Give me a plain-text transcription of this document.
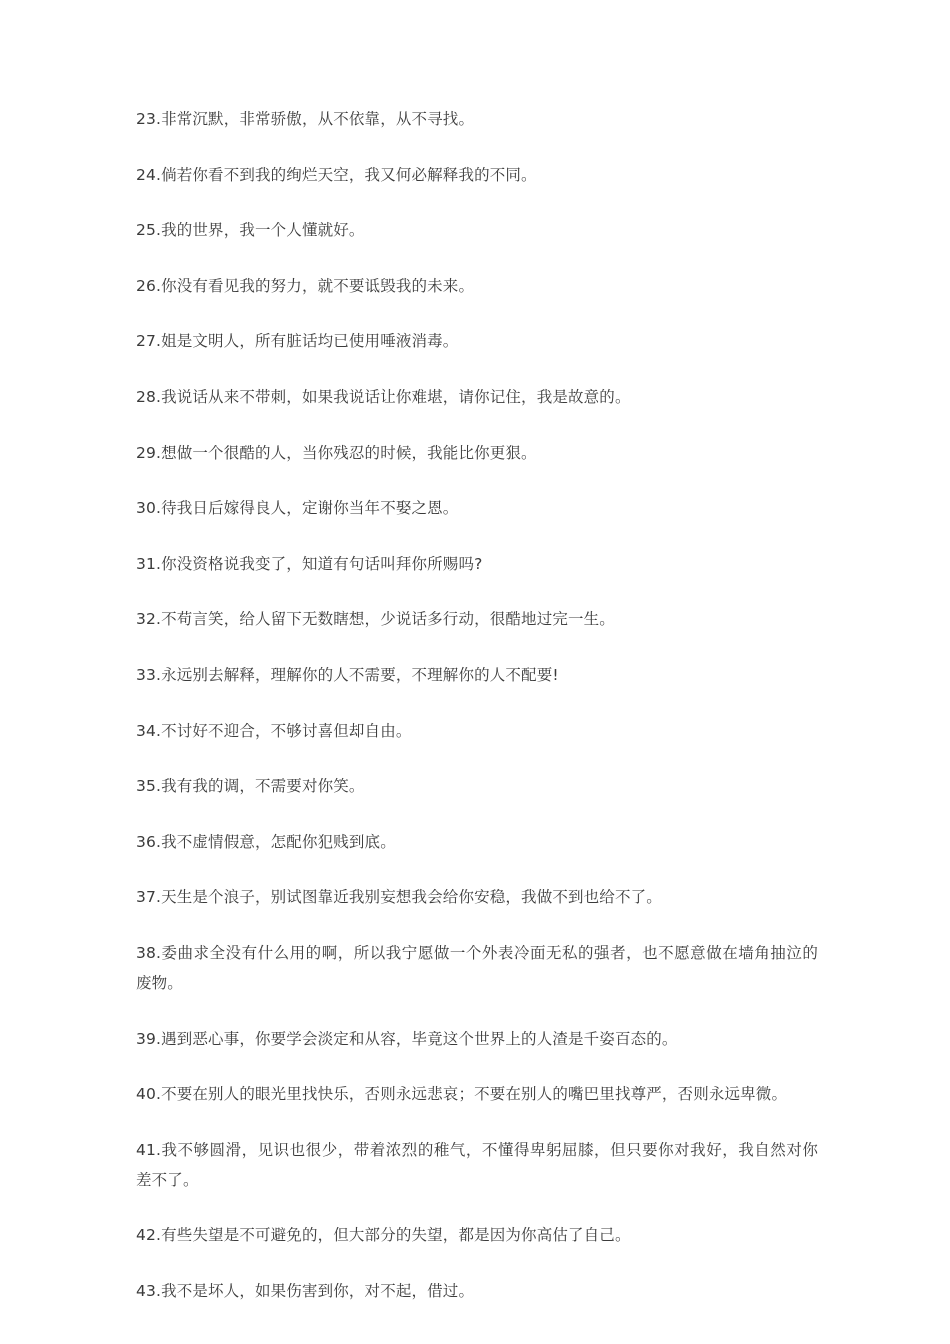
23.非常沉默，非常骄傲，从不依靠，从不寻找。

24.倘若你看不到我的绚烂天空，我又何必解释我的不同。

25.我的世界，我一个人懂就好。

26.你没有看见我的努力，就不要诋毁我的未来。

27.姐是文明人，所有脏话均已使用唾液消毒。

28.我说话从来不带刺，如果我说话让你难堪，请你记住，我是故意的。

29.想做一个很酷的人，当你残忍的时候，我能比你更狠。

30.待我日后嫁得良人，定谢你当年不娶之恩。

31.你没资格说我变了，知道有句话叫拜你所赐吗?

32.不苟言笑，给人留下无数瞎想，少说话多行动，很酷地过完一生。

33.永远别去解释，理解你的人不需要，不理解你的人不配要!

34.不讨好不迎合，不够讨喜但却自由。

35.我有我的调，不需要对你笑。

36.我不虚情假意，怎配你犯贱到底。

37.天生是个浪子，别试图靠近我别妄想我会给你安稳，我做不到也给不了。

38.委曲求全没有什么用的啊，所以我宁愿做一个外表冷面无私的强者，也不愿意做在墙角抽泣的废物。

39.遇到恶心事，你要学会淡定和从容，毕竟这个世界上的人渣是千姿百态的。

40.不要在别人的眼光里找快乐，否则永远悲哀；不要在别人的嘴巴里找尊严，否则永远卑微。

41.我不够圆滑，见识也很少，带着浓烈的稚气，不懂得卑躬屈膝，但只要你对我好，我自然对你差不了。

42.有些失望是不可避免的，但大部分的失望，都是因为你高估了自己。

43.我不是坏人，如果伤害到你，对不起，借过。
